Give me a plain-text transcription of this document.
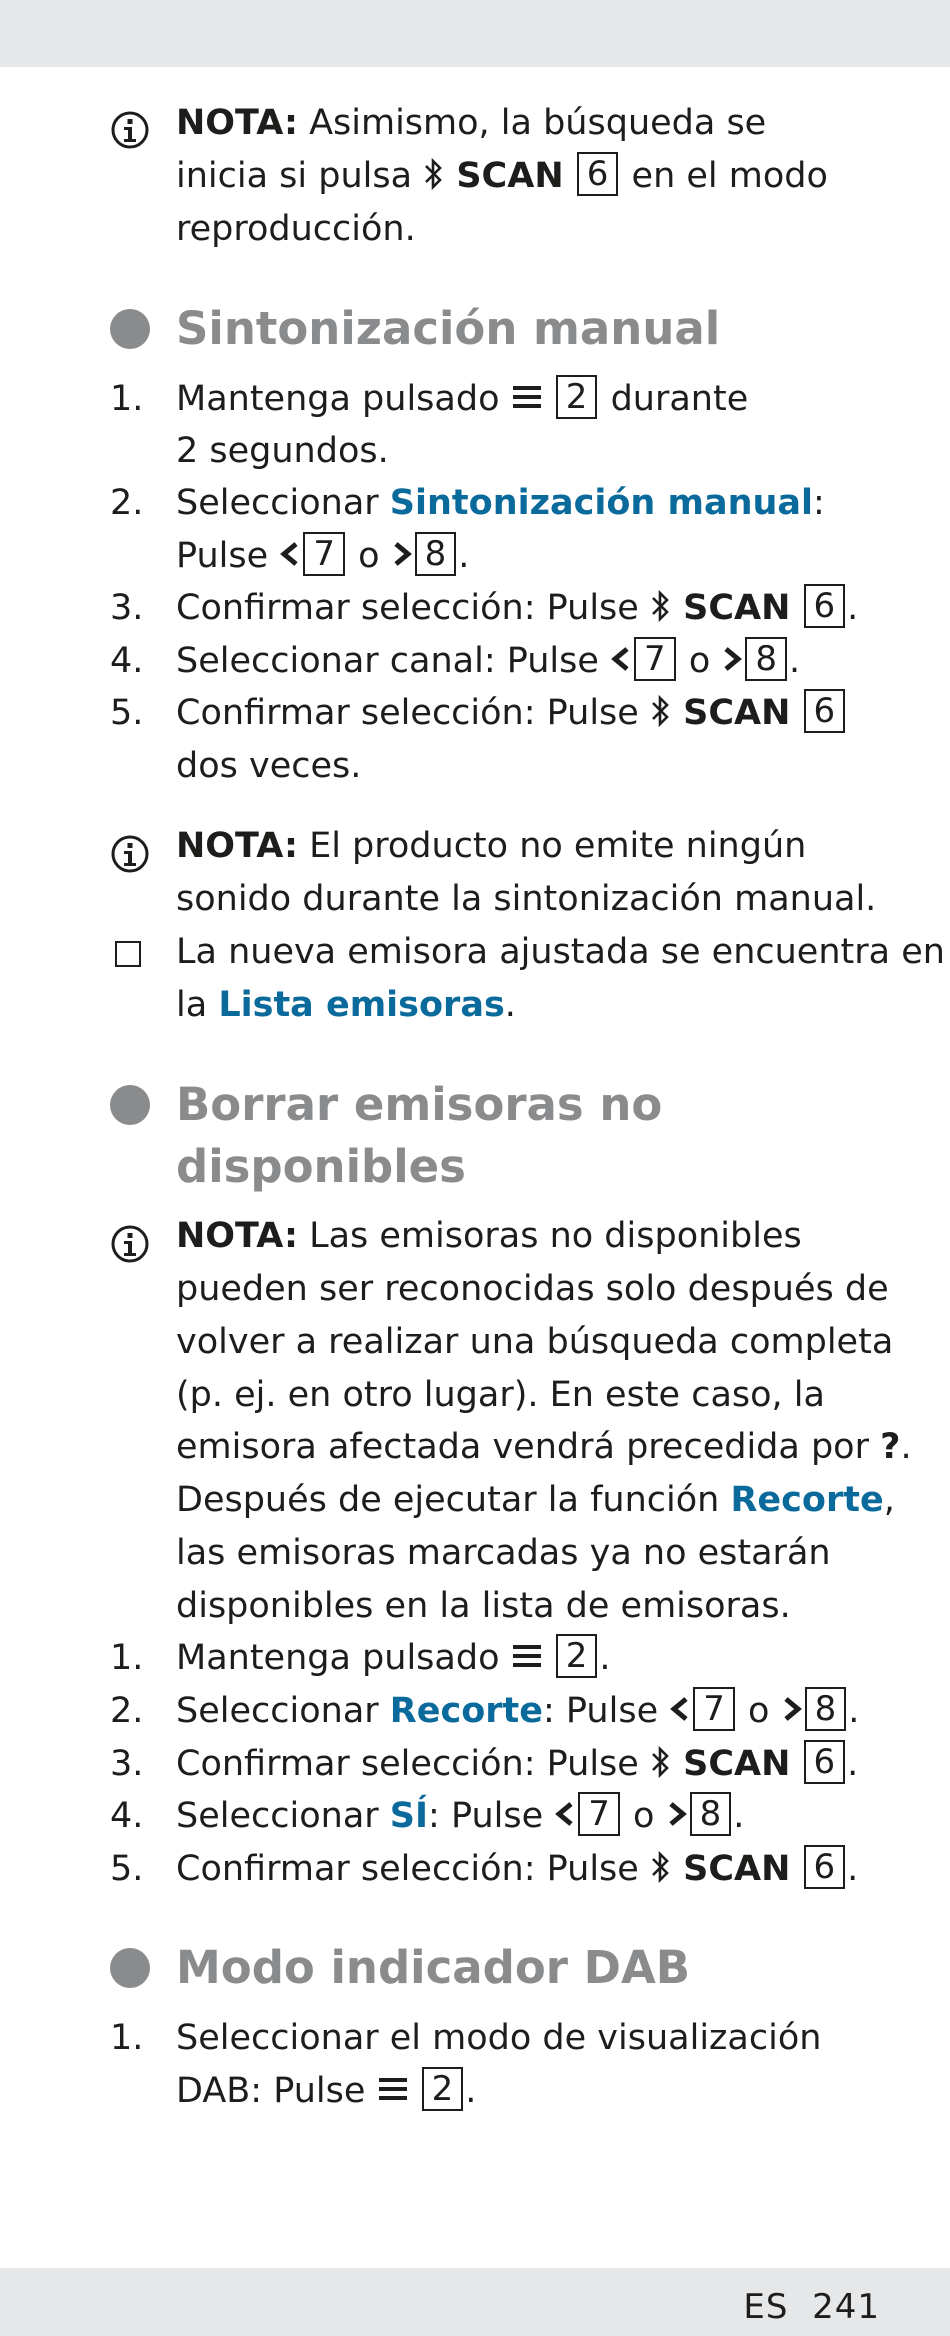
NOTA: Asimismo, la búsqueda se
inicia si pulsa SCAN 6 en el modo
reproducción.
Sintonización manual
1. Mantenga pulsado 2 durante
2 segundos.
2. Seleccionar Sintonización manual:
Pulse 7 o 8 .
3. Confirmar selección: Pulse SCAN 6 .
4. Seleccionar canal: Pulse 7 o 8 .
5. Confirmar selección: Pulse SCAN 6
dos veces.
NOTA: El producto no emite ningún
sonido durante la sintonización manual.
La nueva emisora ajustada se encuentra en
la Lista emisoras.
Borrar emisoras no
disponibles
NOTA: Las emisoras no disponibles
pueden ser reconocidas solo después de
volver a realizar una búsqueda completa
(p. ej. en otro lugar). En este caso, la
emisora afectada vendrá precedida por ?.
Después de ejecutar la función Recorte,
las emisoras marcadas ya no estarán
disponibles en la lista de emisoras.
1. Mantenga pulsado 2 .
2. Seleccionar Recorte: Pulse 7 o 8 .
3. Confirmar selección: Pulse SCAN 6 .
4. Seleccionar SÍ: Pulse 7 o 8 .
5. Confirmar selección: Pulse SCAN 6 .
Modo indicador DAB
1. Seleccionar el modo de visualización
DAB: Pulse 2 .
ES 241
